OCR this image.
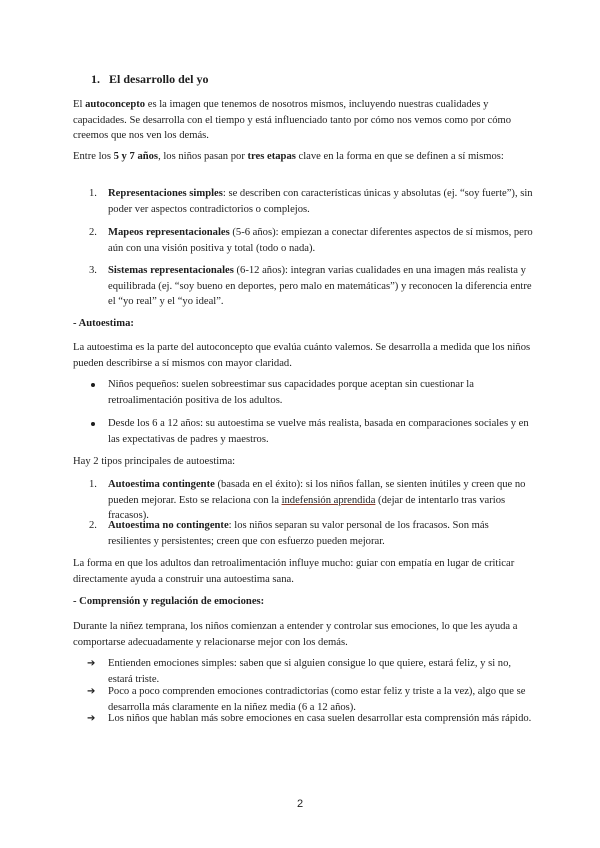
1. El desarrollo del yo

El autoconcepto es la imagen que tenemos de nosotros mismos, incluyendo nuestras cualidades y capacidades. Se desarrolla con el tiempo y está influenciado tanto por cómo nos vemos como por cómo creemos que nos ven los demás.

Entre los 5 y 7 años, los niños pasan por tres etapas clave en la forma en que se definen a sí mismos:

1. Representaciones simples: se describen con características únicas y absolutas (ej. “soy fuerte”), sin poder ver aspectos contradictorios o complejos.
2. Mapeos representacionales (5-6 años): empiezan a conectar diferentes aspectos de sí mismos, pero aún con una visión positiva y total (todo o nada).
3. Sistemas representacionales (6-12 años): integran varias cualidades en una imagen más realista y equilibrada (ej. “soy bueno en deportes, pero malo en matemáticas”) y reconocen la diferencia entre el “yo real” y el “yo ideal”.

- Autoestima:

La autoestima es la parte del autoconcepto que evalúa cuánto valemos. Se desarrolla a medida que los niños pueden describirse a sí mismos con mayor claridad.

Niños pequeños: suelen sobreestimar sus capacidades porque aceptan sin cuestionar la retroalimentación positiva de los adultos.
Desde los 6 a 12 años: su autoestima se vuelve más realista, basada en comparaciones sociales y en las expectativas de padres y maestros.

Hay 2 tipos principales de autoestima:

1. Autoestima contingente (basada en el éxito): si los niños fallan, se sienten inútiles y creen que no pueden mejorar. Esto se relaciona con la indefensión aprendida (dejar de intentarlo tras varios fracasos).
2. Autoestima no contingente: los niños separan su valor personal de los fracasos. Son más resilientes y persistentes; creen que con esfuerzo pueden mejorar.

La forma en que los adultos dan retroalimentación influye mucho: guiar con empatía en lugar de criticar directamente ayuda a construir una autoestima sana.

- Comprensión y regulación de emociones:

Durante la niñez temprana, los niños comienzan a entender y controlar sus emociones, lo que les ayuda a comportarse adecuadamente y relacionarse mejor con los demás.

➔ Entienden emociones simples: saben que si alguien consigue lo que quiere, estará feliz, y si no, estará triste.
➔ Poco a poco comprenden emociones contradictorias (como estar feliz y triste a la vez), algo que se desarrolla más claramente en la niñez media (6 a 12 años).
➔ Los niños que hablan más sobre emociones en casa suelen desarrollar esta comprensión más rápido.
2
